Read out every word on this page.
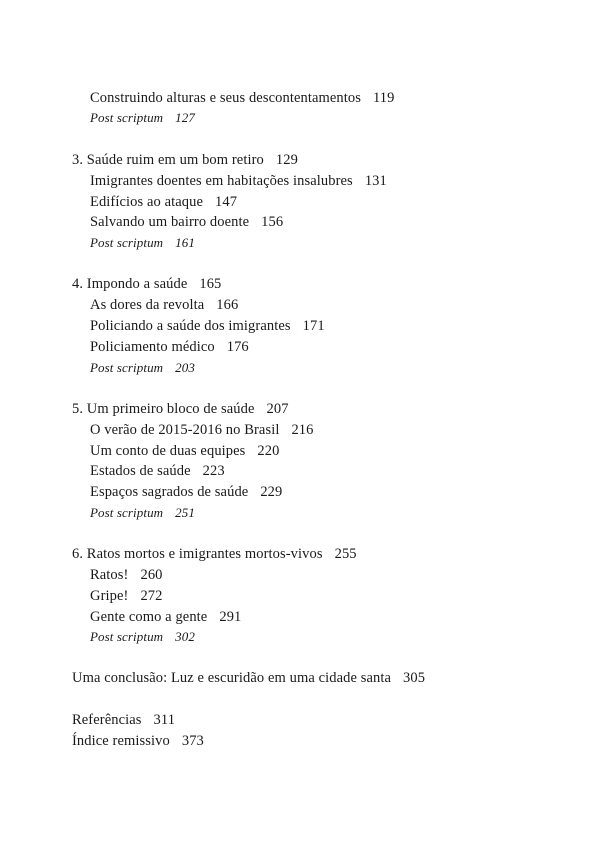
Construindo alturas e seus descontentamentos 119
Post scriptum 127
3. Saúde ruim em um bom retiro 129
Imigrantes doentes em habitações insalubres 131
Edifícios ao ataque 147
Salvando um bairro doente 156
Post scriptum 161
4. Impondo a saúde 165
As dores da revolta 166
Policiando a saúde dos imigrantes 171
Policiamento médico 176
Post scriptum 203
5. Um primeiro bloco de saúde 207
O verão de 2015-2016 no Brasil 216
Um conto de duas equipes 220
Estados de saúde 223
Espaços sagrados de saúde 229
Post scriptum 251
6. Ratos mortos e imigrantes mortos-vivos 255
Ratos! 260
Gripe! 272
Gente como a gente 291
Post scriptum 302
Uma conclusão: Luz e escuridão em uma cidade santa 305
Referências 311
Índice remissivo 373
